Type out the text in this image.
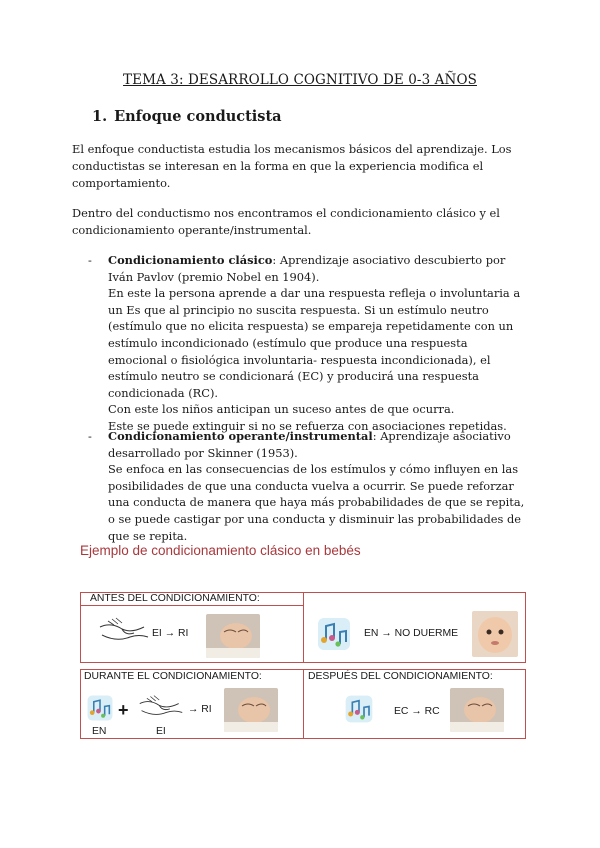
TEMA 3: DESARROLLO COGNITIVO DE 0-3 AÑOS
1. Enfoque conductista
El enfoque conductista estudia los mecanismos básicos del aprendizaje. Los conductistas se interesan en la forma en que la experiencia modifica el comportamiento.
Dentro del conductismo nos encontramos el condicionamiento clásico y el condicionamiento operante/instrumental.
- Condicionamiento clásico: Aprendizaje asociativo descubierto por Iván Pavlov (premio Nobel en 1904).
En este la persona aprende a dar una respuesta refleja o involuntaria a un Es que al principio no suscita respuesta. Si un estímulo neutro (estímulo que no elicita respuesta) se empareja repetidamente con un estímulo incondicionado (estímulo que produce una respuesta emocional o fisiológica involuntaria- respuesta incondicionada), el estímulo neutro se condicionará (EC) y producirá una respuesta condicionada (RC).
Con este los niños anticipan un suceso antes de que ocurra.
Este se puede extinguir si no se refuerza con asociaciones repetidas.
- Condicionamiento operante/instrumental: Aprendizaje asociativo desarrollado por Skinner (1953).
Se enfoca en las consecuencias de los estímulos y cómo influyen en las posibilidades de que una conducta vuelva a ocurrir. Se puede reforzar una conducta de manera que haya más probabilidades de que se repita, o se puede castigar por una conducta y disminuir las probabilidades de que se repita.
Ejemplo de condicionamiento clásico en bebés
ANTES DEL CONDICIONAMIENTO:
EI → RI	EN → NO DUERME
DURANTE EL CONDICIONAMIENTO:
EN
+
EI
→ RI
DESPUÉS DEL CONDICIONAMIENTO:
EC → RC
